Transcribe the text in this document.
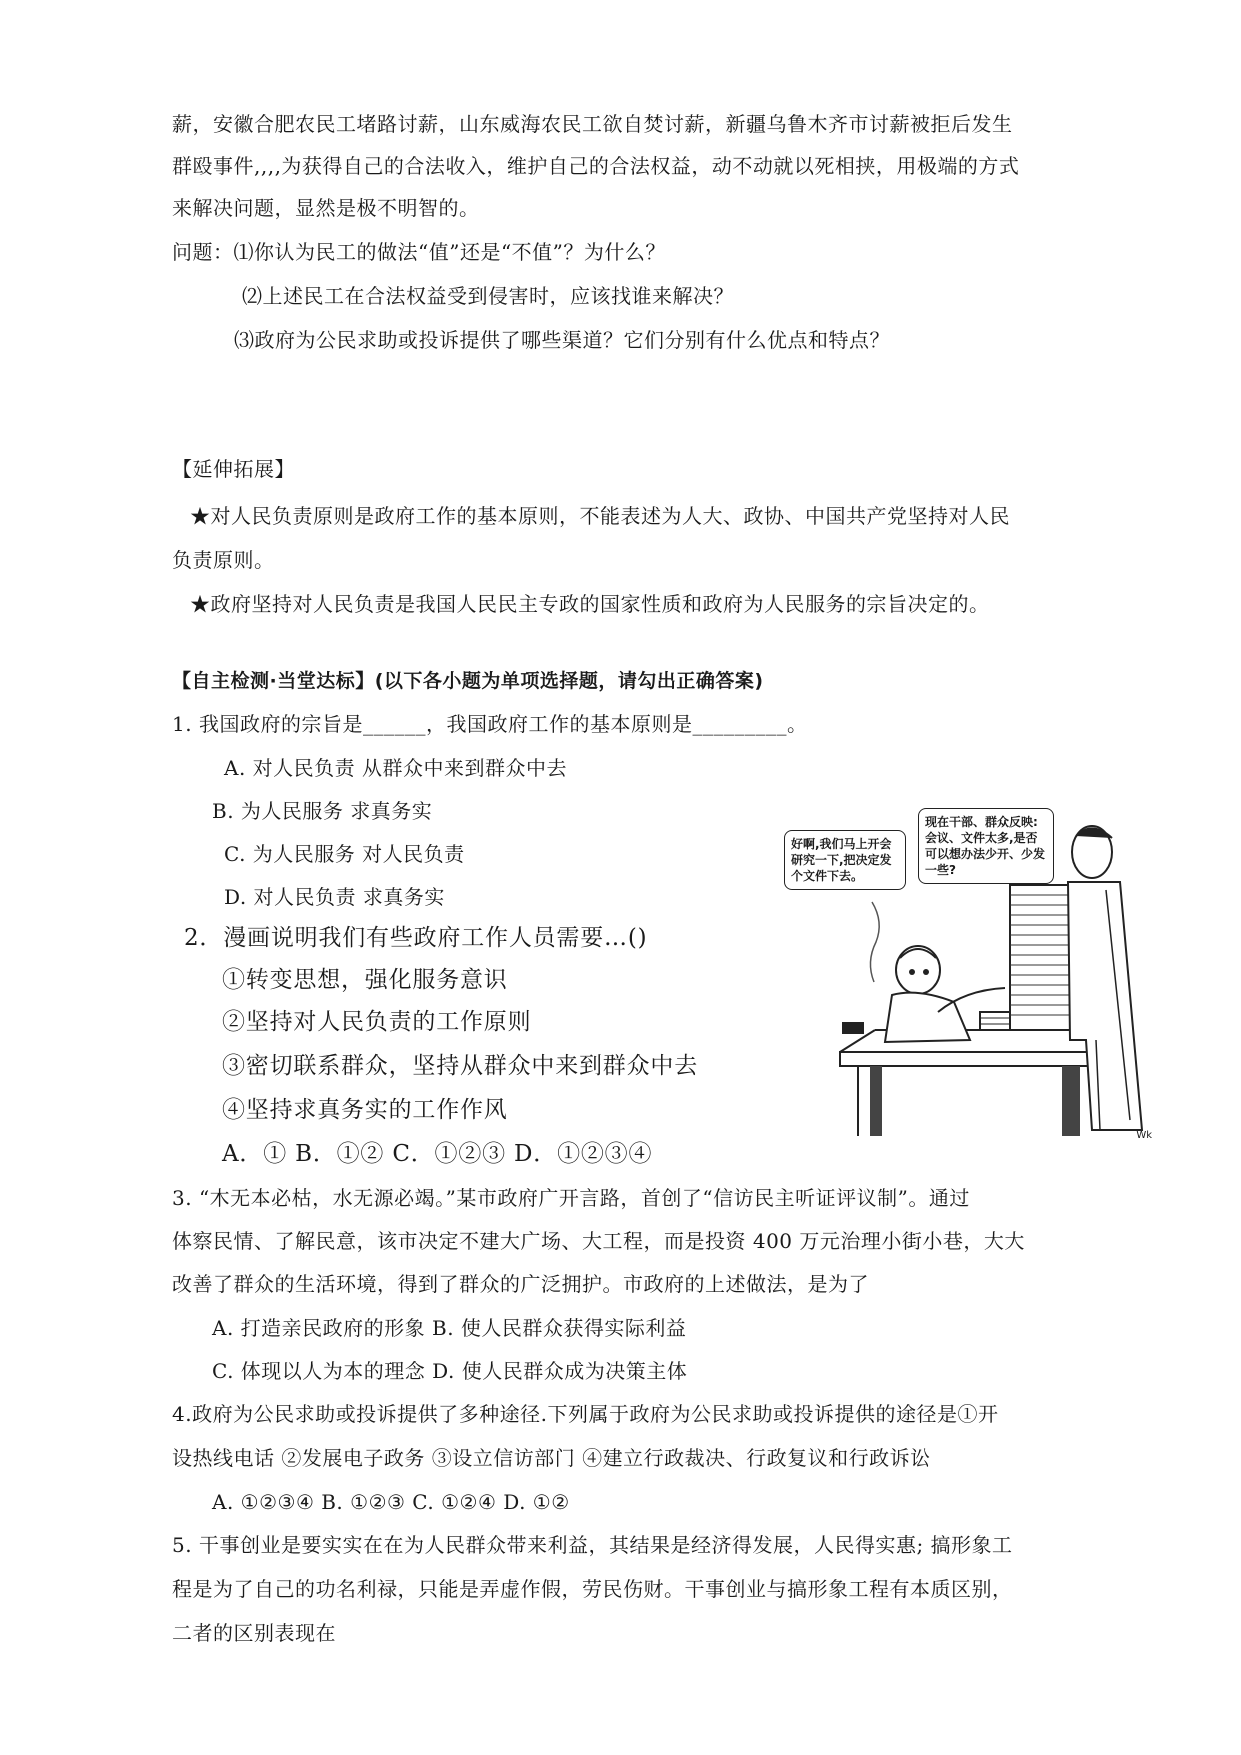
薪，安徽合肥农民工堵路讨薪，山东威海农民工欲自焚讨薪，新疆乌鲁木齐市讨薪被拒后发生
群殴事件,,,,为获得自己的合法收入，维护自己的合法权益，动不动就以死相挟，用极端的方式
来解决问题，显然是极不明智的。
问题：⑴你认为民工的做法“值”还是“不值”？为什么？
⑵上述民工在合法权益受到侵害时，应该找谁来解决？
⑶政府为公民求助或投诉提供了哪些渠道？它们分别有什么优点和特点？
【延伸拓展】
★对人民负责原则是政府工作的基本原则，不能表述为人大、政协、中国共产党坚持对人民
负责原则。
★政府坚持对人民负责是我国人民民主专政的国家性质和政府为人民服务的宗旨决定的。
【自主检测·当堂达标】(以下各小题为单项选择题，请勾出正确答案)
1. 我国政府的宗旨是______，我国政府工作的基本原则是_________。
A. 对人民负责 从群众中来到群众中去
B. 为人民服务 求真务实
C. 为人民服务 对人民负责
D. 对人民负责 求真务实
2．漫画说明我们有些政府工作人员需要…()
①转变思想，强化服务意识
②坚持对人民负责的工作原则
③密切联系群众，坚持从群众中来到群众中去
④坚持求真务实的工作作风
A．① B．①② C．①②③ D．①②③④
3. “木无本必枯，水无源必竭。”某市政府广开言路，首创了“信访民主听证评议制”。通过
体察民情、了解民意，该市决定不建大广场、大工程，而是投资 400 万元治理小街小巷，大大
改善了群众的生活环境，得到了群众的广泛拥护。市政府的上述做法，是为了
A. 打造亲民政府的形象 B. 使人民群众获得实际利益
C. 体现以人为本的理念 D. 使人民群众成为决策主体
4.政府为公民求助或投诉提供了多种途径.下列属于政府为公民求助或投诉提供的途径是①开
设热线电话 ②发展电子政务 ③设立信访部门 ④建立行政裁决、行政复议和行政诉讼
A. ①②③④ B. ①②③ C. ①②④ D. ①②
5. 干事创业是要实实在在为人民群众带来利益，其结果是经济得发展，人民得实惠; 搞形象工
程是为了自己的功名利禄，只能是弄虚作假，劳民伤财。干事创业与搞形象工程有本质区别，
二者的区别表现在
现在干部、群众反映:会议、文件太多,是否可以想办法少开、少发一些?
好啊,我们马上开会研究一下,把决定发个文件下去。
Wk
